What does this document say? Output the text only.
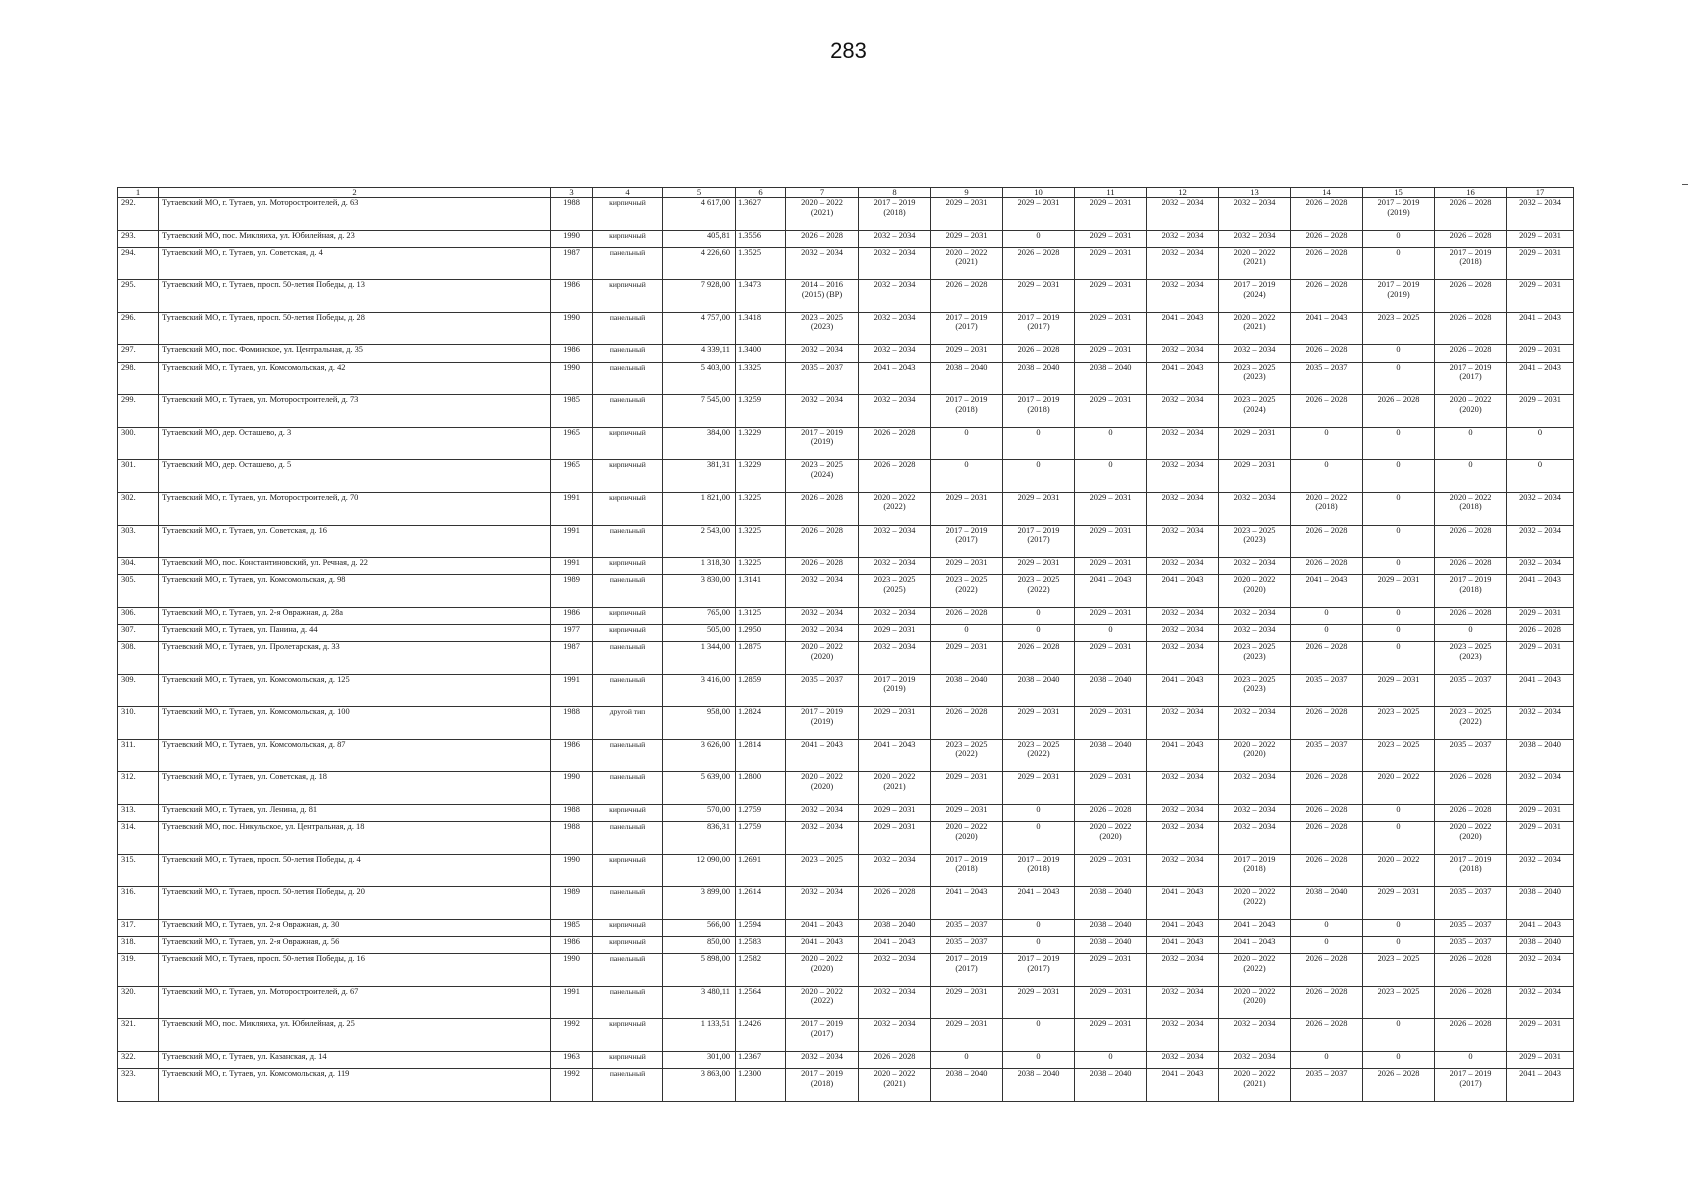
283
1	2	3	4	5	6	7	8	9	10	11	12	13	14	15	16	17

292.	Тутаевский МО, г. Тутаев, ул. Моторостроителей, д. 63	1988	кирпичный	4 617,00	1.3627	2020 – 2022
(2021)	2017 – 2019
(2018)	2029 – 2031	2029 – 2031	2029 – 2031	2032 – 2034	2032 – 2034	2026 – 2028	2017 – 2019
(2019)	2026 – 2028	2032 – 2034

293.	Тутаевский МО, пос. Микляиха, ул. Юбилейная, д. 23	1990	кирпичный	405,81	1.3556	2026 – 2028	2032 – 2034	2029 – 2031	0	2029 – 2031	2032 – 2034	2032 – 2034	2026 – 2028	0	2026 – 2028	2029 – 2031

294.	Тутаевский МО, г. Тутаев, ул. Советская, д. 4	1987	панельный	4 226,60	1.3525	2032 – 2034	2032 – 2034	2020 – 2022
(2021)	2026 – 2028	2029 – 2031	2032 – 2034	2020 – 2022
(2021)	2026 – 2028	0	2017 – 2019
(2018)	2029 – 2031

295.	Тутаевский МО, г. Тутаев, просп. 50-летия Победы, д. 13	1986	кирпичный	7 928,00	1.3473	2014 – 2016
(2015) (ВР)	2032 – 2034	2026 – 2028	2029 – 2031	2029 – 2031	2032 – 2034	2017 – 2019
(2024)	2026 – 2028	2017 – 2019
(2019)	2026 – 2028	2029 – 2031

296.	Тутаевский МО, г. Тутаев, просп. 50-летия Победы, д. 28	1990	панельный	4 757,00	1.3418	2023 – 2025
(2023)	2032 – 2034	2017 – 2019
(2017)	2017 – 2019
(2017)	2029 – 2031	2041 – 2043	2020 – 2022
(2021)	2041 – 2043	2023 – 2025	2026 – 2028	2041 – 2043

297.	Тутаевский МО, пос. Фоминское, ул. Центральная, д. 35	1986	панельный	4 339,11	1.3400	2032 – 2034	2032 – 2034	2029 – 2031	2026 – 2028	2029 – 2031	2032 – 2034	2032 – 2034	2026 – 2028	0	2026 – 2028	2029 – 2031

298.	Тутаевский МО, г. Тутаев, ул. Комсомольская, д. 42	1990	панельный	5 403,00	1.3325	2035 – 2037	2041 – 2043	2038 – 2040	2038 – 2040	2038 – 2040	2041 – 2043	2023 – 2025
(2023)	2035 – 2037	0	2017 – 2019
(2017)	2041 – 2043

299.	Тутаевский МО, г. Тутаев, ул. Моторостроителей, д. 73	1985	панельный	7 545,00	1.3259	2032 – 2034	2032 – 2034	2017 – 2019
(2018)	2017 – 2019
(2018)	2029 – 2031	2032 – 2034	2023 – 2025
(2024)	2026 – 2028	2026 – 2028	2020 – 2022
(2020)	2029 – 2031

300.	Тутаевский МО, дер. Осташево, д. 3	1965	кирпичный	384,00	1.3229	2017 – 2019
(2019)	2026 – 2028	0	0	0	2032 – 2034	2029 – 2031	0	0	0	0

301.	Тутаевский МО, дер. Осташево, д. 5	1965	кирпичный	381,31	1.3229	2023 – 2025
(2024)	2026 – 2028	0	0	0	2032 – 2034	2029 – 2031	0	0	0	0

302.	Тутаевский МО, г. Тутаев, ул. Моторостроителей, д. 70	1991	кирпичный	1 821,00	1.3225	2026 – 2028	2020 – 2022
(2022)	2029 – 2031	2029 – 2031	2029 – 2031	2032 – 2034	2032 – 2034	2020 – 2022
(2018)	0	2020 – 2022
(2018)	2032 – 2034

303.	Тутаевский МО, г. Тутаев, ул. Советская, д. 16	1991	панельный	2 543,00	1.3225	2026 – 2028	2032 – 2034	2017 – 2019
(2017)	2017 – 2019
(2017)	2029 – 2031	2032 – 2034	2023 – 2025
(2023)	2026 – 2028	0	2026 – 2028	2032 – 2034

304.	Тутаевский МО, пос. Константиновский, ул. Речная, д. 22	1991	кирпичный	1 318,30	1.3225	2026 – 2028	2032 – 2034	2029 – 2031	2029 – 2031	2029 – 2031	2032 – 2034	2032 – 2034	2026 – 2028	0	2026 – 2028	2032 – 2034

305.	Тутаевский МО, г. Тутаев, ул. Комсомольская, д. 98	1989	панельный	3 830,00	1.3141	2032 – 2034	2023 – 2025
(2025)	2023 – 2025
(2022)	2023 – 2025
(2022)	2041 – 2043	2041 – 2043	2020 – 2022
(2020)	2041 – 2043	2029 – 2031	2017 – 2019
(2018)	2041 – 2043

306.	Тутаевский МО, г. Тутаев, ул. 2-я Овражная, д. 28а	1986	кирпичный	765,00	1.3125	2032 – 2034	2032 – 2034	2026 – 2028	0	2029 – 2031	2032 – 2034	2032 – 2034	0	0	2026 – 2028	2029 – 2031

307.	Тутаевский МО, г. Тутаев, ул. Панина, д. 44	1977	кирпичный	505,00	1.2950	2032 – 2034	2029 – 2031	0	0	0	2032 – 2034	2032 – 2034	0	0	0	2026 – 2028

308.	Тутаевский МО, г. Тутаев, ул. Пролетарская, д. 33	1987	панельный	1 344,00	1.2875	2020 – 2022
(2020)	2032 – 2034	2029 – 2031	2026 – 2028	2029 – 2031	2032 – 2034	2023 – 2025
(2023)	2026 – 2028	0	2023 – 2025
(2023)	2029 – 2031

309.	Тутаевский МО, г. Тутаев, ул. Комсомольская, д. 125	1991	панельный	3 416,00	1.2859	2035 – 2037	2017 – 2019
(2019)	2038 – 2040	2038 – 2040	2038 – 2040	2041 – 2043	2023 – 2025
(2023)	2035 – 2037	2029 – 2031	2035 – 2037	2041 – 2043

310.	Тутаевский МО, г. Тутаев, ул. Комсомольская, д. 100	1988	другой тип	958,00	1.2824	2017 – 2019
(2019)	2029 – 2031	2026 – 2028	2029 – 2031	2029 – 2031	2032 – 2034	2032 – 2034	2026 – 2028	2023 – 2025	2023 – 2025
(2022)	2032 – 2034

311.	Тутаевский МО, г. Тутаев, ул. Комсомольская, д. 87	1986	панельный	3 626,00	1.2814	2041 – 2043	2041 – 2043	2023 – 2025
(2022)	2023 – 2025
(2022)	2038 – 2040	2041 – 2043	2020 – 2022
(2020)	2035 – 2037	2023 – 2025	2035 – 2037	2038 – 2040

312.	Тутаевский МО, г. Тутаев, ул. Советская, д. 18	1990	панельный	5 639,00	1.2800	2020 – 2022
(2020)	2020 – 2022
(2021)	2029 – 2031	2029 – 2031	2029 – 2031	2032 – 2034	2032 – 2034	2026 – 2028	2020 – 2022	2026 – 2028	2032 – 2034

313.	Тутаевский МО, г. Тутаев, ул. Ленина, д. 81	1988	кирпичный	570,00	1.2759	2032 – 2034	2029 – 2031	2029 – 2031	0	2026 – 2028	2032 – 2034	2032 – 2034	2026 – 2028	0	2026 – 2028	2029 – 2031

314.	Тутаевский МО, пос. Никульское, ул. Центральная, д. 18	1988	панельный	836,31	1.2759	2032 – 2034	2029 – 2031	2020 – 2022
(2020)	0	2020 – 2022
(2020)	2032 – 2034	2032 – 2034	2026 – 2028	0	2020 – 2022
(2020)	2029 – 2031

315.	Тутаевский МО, г. Тутаев, просп. 50-летия Победы, д. 4	1990	кирпичный	12 090,00	1.2691	2023 – 2025	2032 – 2034	2017 – 2019
(2018)	2017 – 2019
(2018)	2029 – 2031	2032 – 2034	2017 – 2019
(2018)	2026 – 2028	2020 – 2022	2017 – 2019
(2018)	2032 – 2034

316.	Тутаевский МО, г. Тутаев, просп. 50-летия Победы, д. 20	1989	панельный	3 899,00	1.2614	2032 – 2034	2026 – 2028	2041 – 2043	2041 – 2043	2038 – 2040	2041 – 2043	2020 – 2022
(2022)	2038 – 2040	2029 – 2031	2035 – 2037	2038 – 2040

317.	Тутаевский МО, г. Тутаев, ул. 2-я Овражная, д. 30	1985	кирпичный	566,00	1.2594	2041 – 2043	2038 – 2040	2035 – 2037	0	2038 – 2040	2041 – 2043	2041 – 2043	0	0	2035 – 2037	2041 – 2043

318.	Тутаевский МО, г. Тутаев, ул. 2-я Овражная, д. 56	1986	кирпичный	850,00	1.2583	2041 – 2043	2041 – 2043	2035 – 2037	0	2038 – 2040	2041 – 2043	2041 – 2043	0	0	2035 – 2037	2038 – 2040

319.	Тутаевский МО, г. Тутаев, просп. 50-летия Победы, д. 16	1990	панельный	5 898,00	1.2582	2020 – 2022
(2020)	2032 – 2034	2017 – 2019
(2017)	2017 – 2019
(2017)	2029 – 2031	2032 – 2034	2020 – 2022
(2022)	2026 – 2028	2023 – 2025	2026 – 2028	2032 – 2034

320.	Тутаевский МО, г. Тутаев, ул. Моторостроителей, д. 67	1991	панельный	3 480,11	1.2564	2020 – 2022
(2022)	2032 – 2034	2029 – 2031	2029 – 2031	2029 – 2031	2032 – 2034	2020 – 2022
(2020)	2026 – 2028	2023 – 2025	2026 – 2028	2032 – 2034

321.	Тутаевский МО, пос. Микляиха, ул. Юбилейная, д. 25	1992	кирпичный	1 133,51	1.2426	2017 – 2019
(2017)	2032 – 2034	2029 – 2031	0	2029 – 2031	2032 – 2034	2032 – 2034	2026 – 2028	0	2026 – 2028	2029 – 2031

322.	Тутаевский МО, г. Тутаев, ул. Казанская, д. 14	1963	кирпичный	301,00	1.2367	2032 – 2034	2026 – 2028	0	0	0	2032 – 2034	2032 – 2034	0	0	0	2029 – 2031

323.	Тутаевский МО, г. Тутаев, ул. Комсомольская, д. 119	1992	панельный	3 863,00	1.2300	2017 – 2019
(2018)	2020 – 2022
(2021)	2038 – 2040	2038 – 2040	2038 – 2040	2041 – 2043	2020 – 2022
(2021)	2035 – 2037	2026 – 2028	2017 – 2019
(2017)	2041 – 2043
